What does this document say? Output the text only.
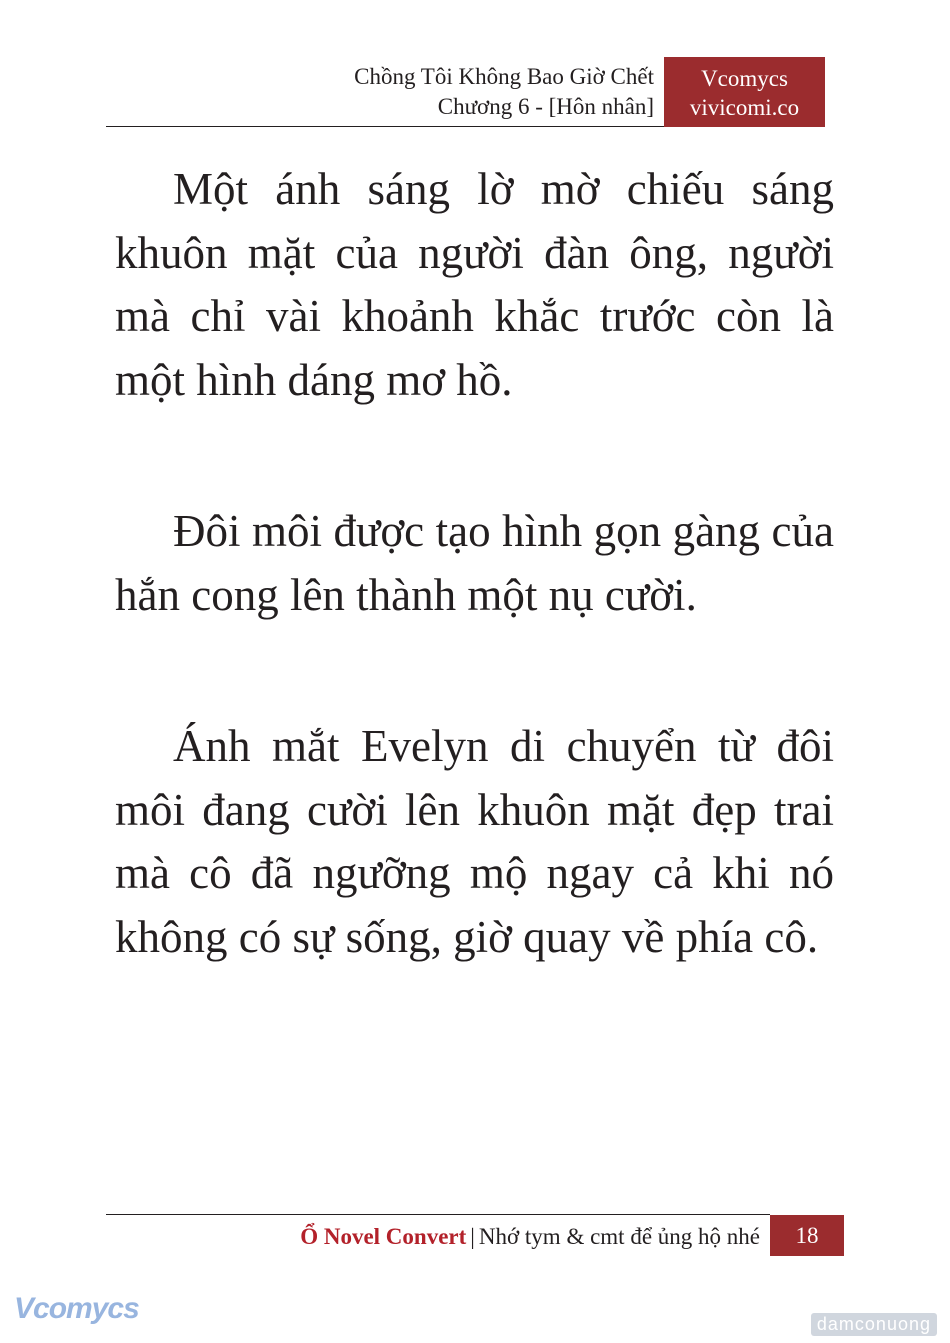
Chồng Tôi Không Bao Giờ Chết
Chương 6 - [Hôn nhân]
Vcomycs
vivicomi.co

Một ánh sáng lờ mờ chiếu sáng khuôn mặt của người đàn ông, người mà chỉ vài khoảnh khắc trước còn là một hình dáng mơ hồ.

Đôi môi được tạo hình gọn gàng của hắn cong lên thành một nụ cười.

Ánh mắt Evelyn di chuyển từ đôi môi đang cười lên khuôn mặt đẹp trai mà cô đã ngưỡng mộ ngay cả khi nó không có sự sống, giờ quay về phía cô.

Ổ Novel Convert | Nhớ tym & cmt để ủng hộ nhé	18
Vcomycs	damconuong
